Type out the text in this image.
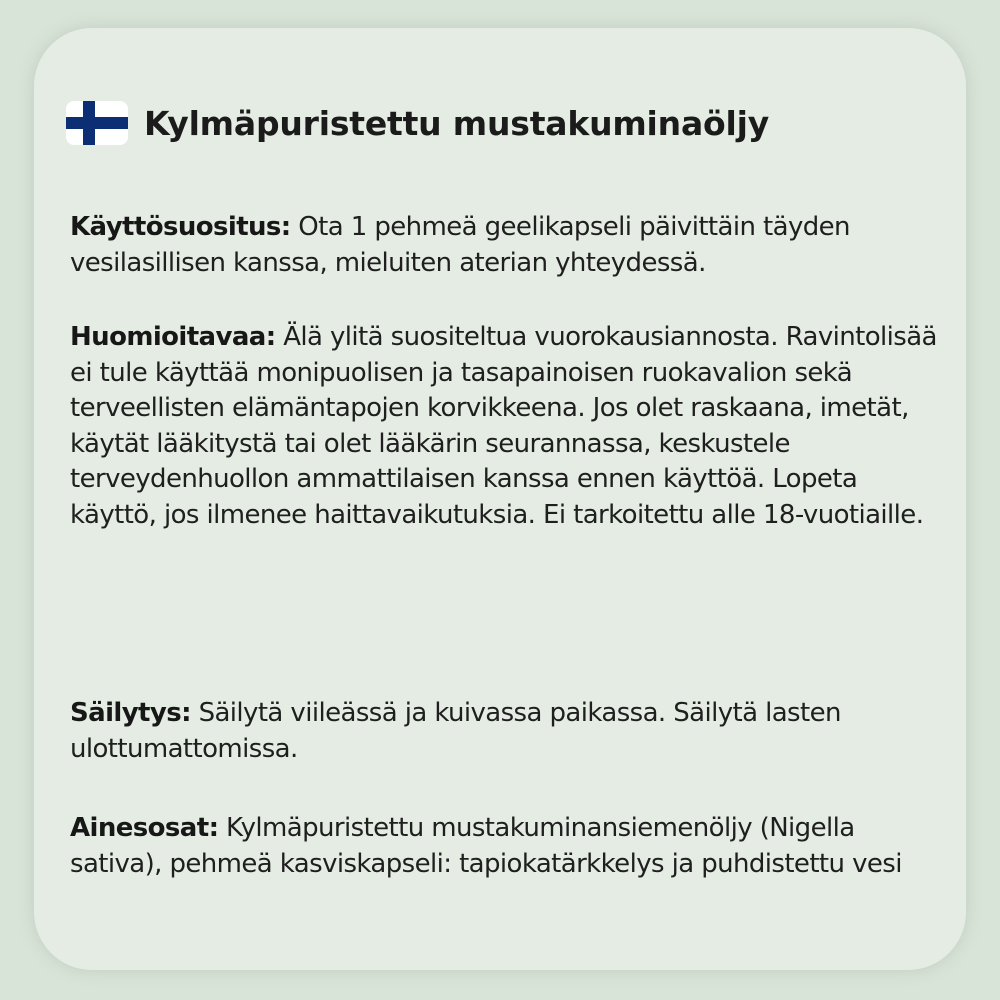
Kylmäpuristettu mustakuminaöljy

Käyttösuositus: Ota 1 pehmeä geelikapseli päivittäin täyden vesilasillisen kanssa, mieluiten aterian yhteydessä.

Huomioitavaa: Älä ylitä suositeltua vuorokausiannosta. Ravintolisää ei tule käyttää monipuolisen ja tasapainoisen ruokavalion sekä terveellisten elämäntapojen korvikkeena. Jos olet raskaana, imetät, käytät lääkitystä tai olet lääkärin seurannassa, keskustele terveydenhuollon ammattilaisen kanssa ennen käyttöä. Lopeta käyttö, jos ilmenee haittavaikutuksia. Ei tarkoitettu alle 18-vuotiaille.

Säilytys: Säilytä viileässä ja kuivassa paikassa. Säilytä lasten ulottumattomissa.

Ainesosat: Kylmäpuristettu mustakuminansiemenöljy (Nigella sativa), pehmeä kasviskapseli: tapiokatärkkelys ja puhdistettu vesi
